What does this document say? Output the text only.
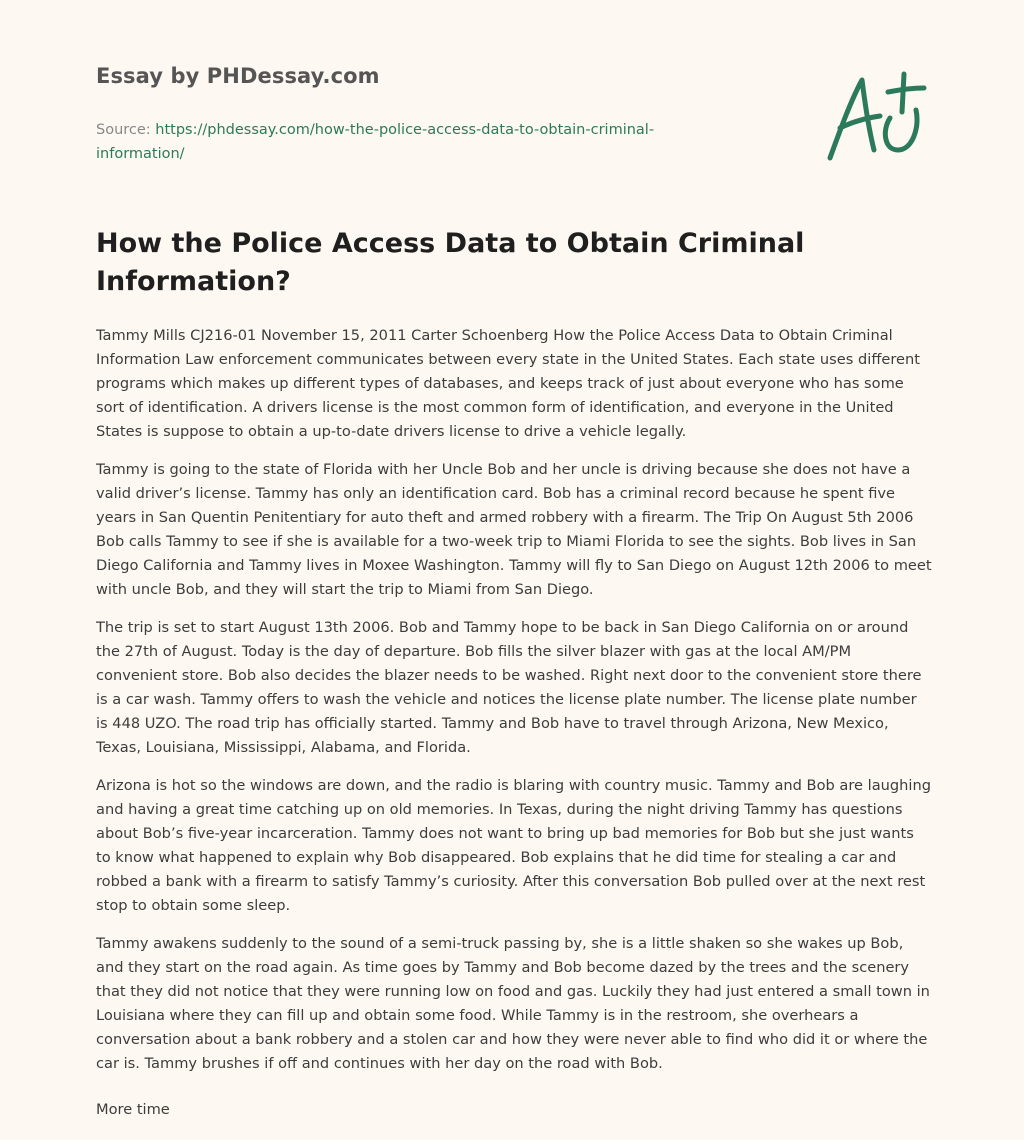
Essay by PHDessay.com
Source: https://phdessay.com/how-the-police-access-data-to-obtain-criminal-information/
How the Police Access Data to Obtain Criminal Information?

Tammy Mills CJ216-01 November 15, 2011 Carter Schoenberg How the Police Access Data to Obtain Criminal Information Law enforcement communicates between every state in the United States. Each state uses different programs which makes up different types of databases, and keeps track of just about everyone who has some sort of identification. A drivers license is the most common form of identification, and everyone in the United States is suppose to obtain a up-to-date drivers license to drive a vehicle legally.

Tammy is going to the state of Florida with her Uncle Bob and her uncle is driving because she does not have a valid driver’s license. Tammy has only an identification card. Bob has a criminal record because he spent five years in San Quentin Penitentiary for auto theft and armed robbery with a firearm. The Trip On August 5th 2006 Bob calls Tammy to see if she is available for a two-week trip to Miami Florida to see the sights. Bob lives in San Diego California and Tammy lives in Moxee Washington. Tammy will fly to San Diego on August 12th 2006 to meet with uncle Bob, and they will start the trip to Miami from San Diego.

The trip is set to start August 13th 2006. Bob and Tammy hope to be back in San Diego California on or around the 27th of August. Today is the day of departure. Bob fills the silver blazer with gas at the local AM/PM convenient store. Bob also decides the blazer needs to be washed. Right next door to the convenient store there is a car wash. Tammy offers to wash the vehicle and notices the license plate number. The license plate number is 448 UZO. The road trip has officially started. Tammy and Bob have to travel through Arizona, New Mexico, Texas, Louisiana, Mississippi, Alabama, and Florida.

Arizona is hot so the windows are down, and the radio is blaring with country music. Tammy and Bob are laughing and having a great time catching up on old memories. In Texas, during the night driving Tammy has questions about Bob’s five-year incarceration. Tammy does not want to bring up bad memories for Bob but she just wants to know what happened to explain why Bob disappeared. Bob explains that he did time for stealing a car and robbed a bank with a firearm to satisfy Tammy’s curiosity. After this conversation Bob pulled over at the next rest stop to obtain some sleep.

Tammy awakens suddenly to the sound of a semi-truck passing by, she is a little shaken so she wakes up Bob, and they start on the road again. As time goes by Tammy and Bob become dazed by the trees and the scenery that they did not notice that they were running low on food and gas. Luckily they had just entered a small town in Louisiana where they can fill up and obtain some food. While Tammy is in the restroom, she overhears a conversation about a bank robbery and a stolen car and how they were never able to find who did it or where the car is. Tammy brushes if off and continues with her day on the road with Bob.

More time
